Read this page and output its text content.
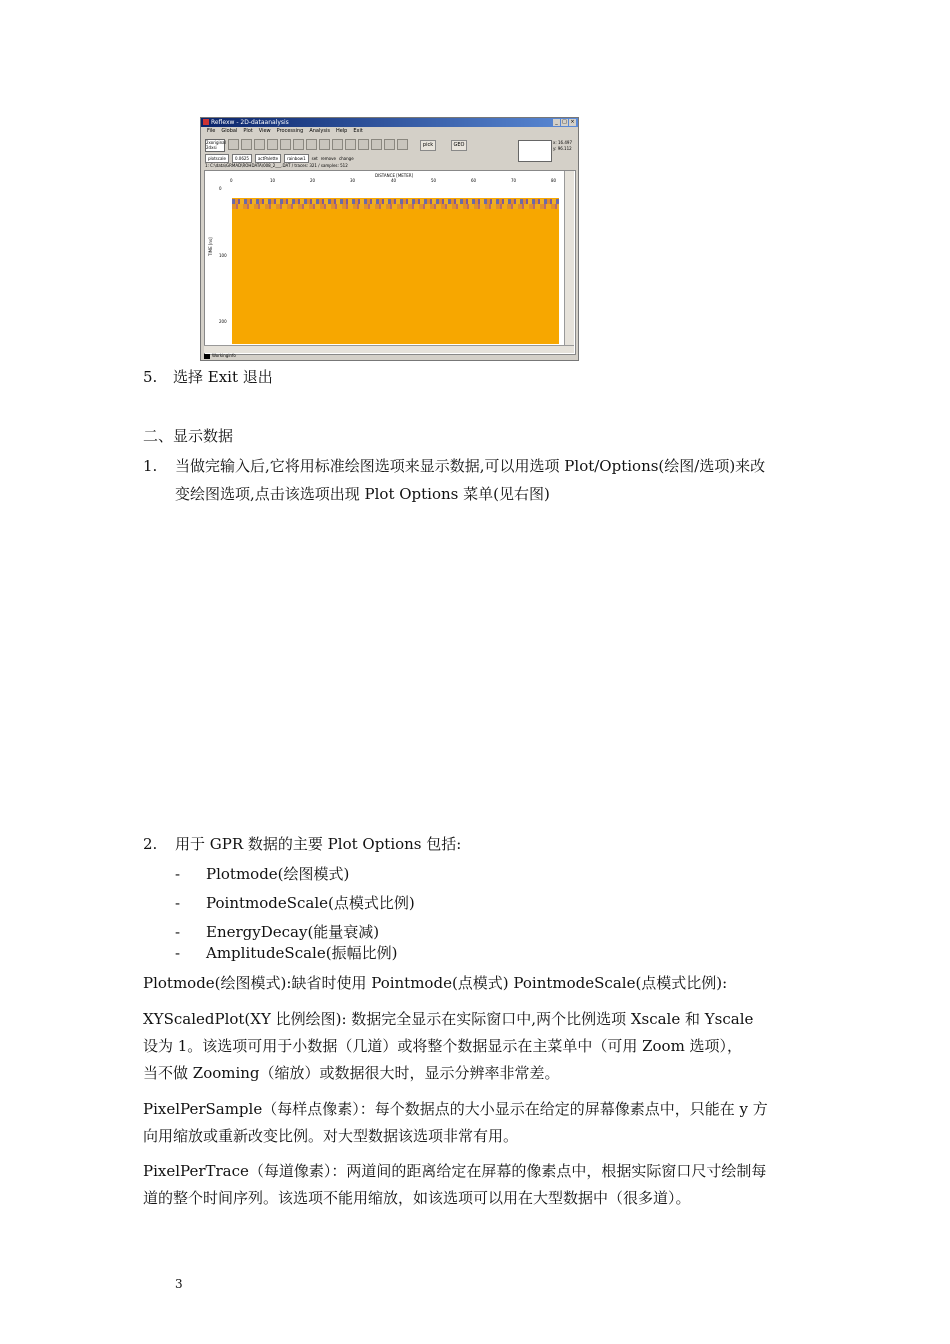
Reflexw - 2D-dataanalysis	_ □ ×
File Global Plot View Processing Analysis Help Exit
2xoriginal 2dxsi	pick	GEO	x: 16.497
y: 96.112
plotscale	0.0625	actPalette	rainbow1	set remove change
1: C:\data\GRMAD\ROHDATA\008_2___.DAT / traces: 321 / samples: 512
DISTANCE [METER]
0	10	20	30	40	50	60	70	80
0
100
200
TIME [ns]
Workinginfo
5. 选择 Exit 退出
二、显示数据
1. 当做完输入后,它将用标准绘图选项来显示数据,可以用选项 Plot/Options(绘图/选项)来改
变绘图选项,点击该选项出现 Plot Options 菜单(见右图)
2. 用于 GPR 数据的主要 Plot Options 包括:
- Plotmode(绘图模式)
- PointmodeScale(点模式比例)
- EnergyDecay(能量衰减)
- AmplitudeScale(振幅比例)
Plotmode(绘图模式):缺省时使用 Pointmode(点模式) PointmodeScale(点模式比例):
XYScaledPlot(XY 比例绘图): 数据完全显示在实际窗口中,两个比例选项 Xscale 和 Yscale
设为 1。该选项可用于小数据（几道）或将整个数据显示在主菜单中（可用 Zoom 选项），
当不做 Zooming（缩放）或数据很大时，显示分辨率非常差。
PixelPerSample（每样点像素）：每个数据点的大小显示在给定的屏幕像素点中，只能在 y 方
向用缩放或重新改变比例。对大型数据该选项非常有用。
PixelPerTrace（每道像素）：两道间的距离给定在屏幕的像素点中，根据实际窗口尺寸绘制每
道的整个时间序列。该选项不能用缩放，如该选项可以用在大型数据中（很多道）。
3
